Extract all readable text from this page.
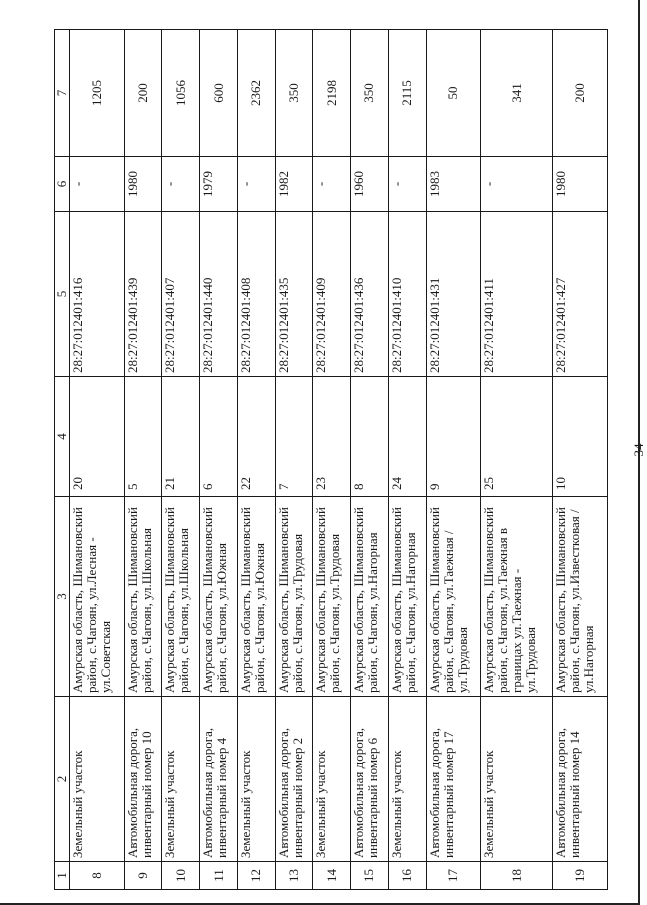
34
1	2	3	4	5	6	7
8	Земельный участок	Амурская область, Шимановский район, с.Чагоян, ул.Лесная - ул.Советская	20	28:27:012401:416	-	1205
9	Автомобильная дорога, инвентарный номер 10	Амурская область, Шимановский район, с.Чагоян, ул.Школьная	5	28:27:012401:439	1980	200
10	Земельный участок	Амурская область, Шимановский район, с.Чагоян, ул.Школьная	21	28:27:012401:407	-	1056
11	Автомобильная дорога, инвентарный номер 4	Амурская область, Шимановский район, с.Чагоян, ул.Южная	6	28:27:012401:440	1979	600
12	Земельный участок	Амурская область, Шимановский район, с.Чагоян, ул.Южная	22	28:27:012401:408	-	2362
13	Автомобильная дорога, инвентарный номер 2	Амурская область, Шимановский район, с.Чагоян, ул.Трудовая	7	28:27:012401:435	1982	350
14	Земельный участок	Амурская область, Шимановский район, с.Чагоян, ул.Трудовая	23	28:27:012401:409	-	2198
15	Автомобильная дорога, инвентарный номер 6	Амурская область, Шимановский район, с.Чагоян, ул.Нагорная	8	28:27:012401:436	1960	350
16	Земельный участок	Амурская область, Шимановский район, с.Чагоян, ул.Нагорная	24	28:27:012401:410	-	2115
17	Автомобильная дорога, инвентарный номер 17	Амурская область, Шимановский район, с.Чагоян, ул.Таежная / ул.Трудовая	9	28:27:012401:431	1983	50
18	Земельный участок	Амурская область, Шимановский район, с.Чагоян, ул.Таежная в границах ул.Таежная - ул.Трудовая	25	28:27:012401:411	-	341
19	Автомобильная дорога, инвентарный номер 14	Амурская область, Шимановский район, с.Чагоян, ул.Известковая / ул.Нагорная	10	28:27:012401:427	1980	200
